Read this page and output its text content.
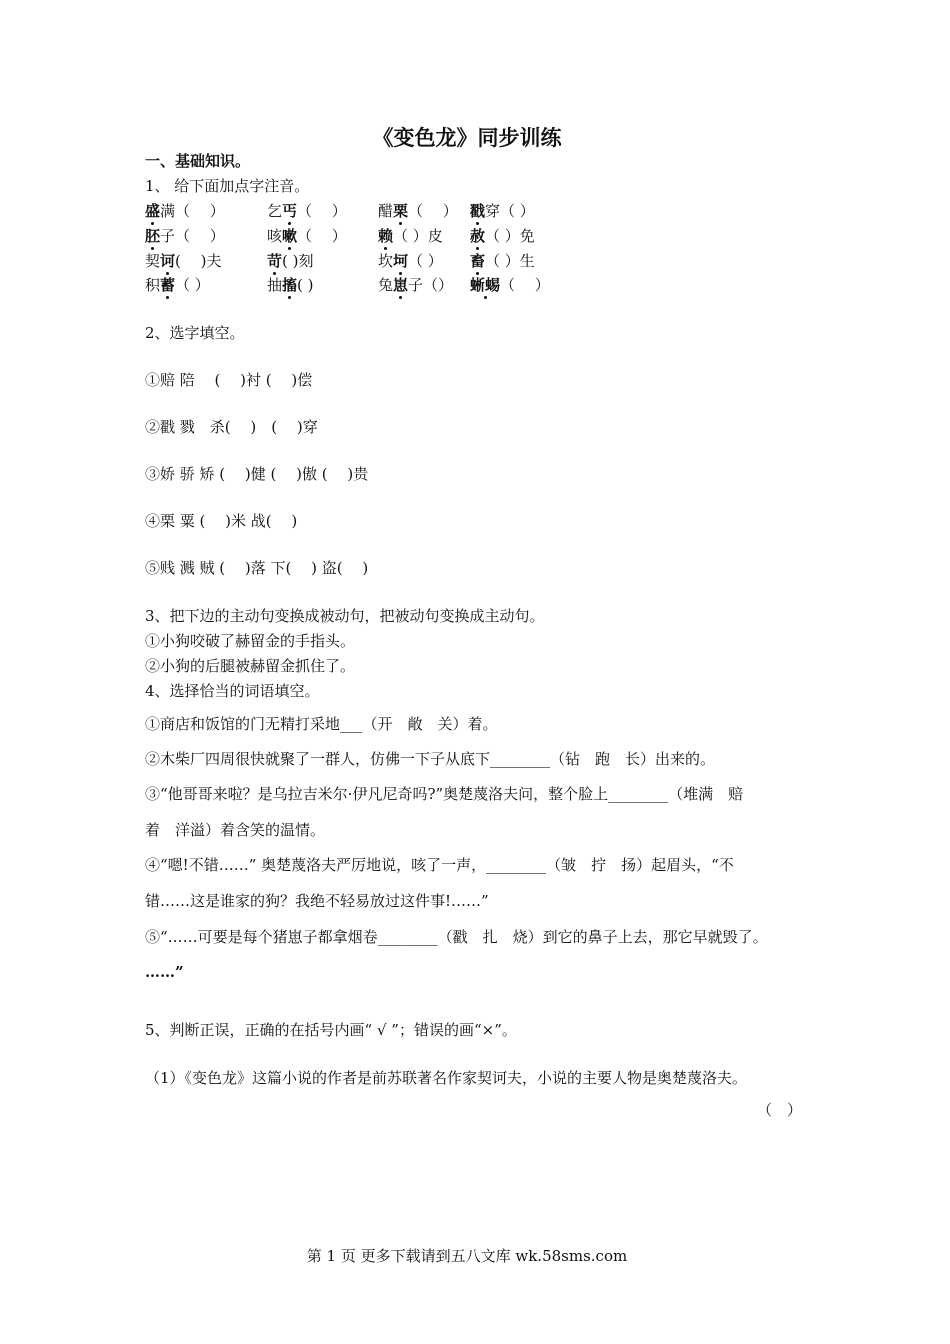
《变色龙》同步训练
一、基础知识。
1、 给下面加点字注音。
盛满（　 ）	乞丐（　 ） 醋栗（　 ） 戳穿（ ）
胚子（　 ）	咳嗽（　 ） 赖（ ）皮 赦（ ）免
契诃(　 )夫	苛( )刻	坎坷（ ） 畜（ ）生
积蓄（ ）	抽搐( )	兔崽子（） 蜥蜴（　 ）
2、选字填空。
①赔 陪　 (　 )衬 (　 )偿
②戳 戮　杀(　 )　(　 )穿
③娇 骄 矫 (　 )健 (　 )傲 (　 )贵
④栗 粟 (　 )米 战(　 )
⑤贱 溅 贼 (　 )落 下(　 ) 盗(　 )
3、把下边的主动句变换成被动句，把被动句变换成主动句。
①小狗咬破了赫留金的手指头。
②小狗的后腿被赫留金抓住了。
4、选择恰当的词语填空。
①商店和饭馆的门无精打采地___（开　敞　关）着。
②木柴厂四周很快就聚了一群人，仿佛一下子从底下________（钻　跑　长）出来的。
③“他哥哥来啦？是乌拉吉米尔·伊凡尼奇吗?”奥楚蔑洛夫问，整个脸上________（堆满　赔
着　洋溢）着含笑的温情。
④“嗯!不错……” 奥楚蔑洛夫严厉地说，咳了一声，________（皱　拧　扬）起眉头，“不
错……这是谁家的狗？我绝不轻易放过这件事!……”
⑤“……可要是每个猪崽子都拿烟卷________（戳　扎　烧）到它的鼻子上去，那它早就毁了。
……”
5、判断正误，正确的在括号内画“ √ ”；错误的画“×”。
（1）《变色龙》这篇小说的作者是前苏联著名作家契诃夫，小说的主要人物是奥楚蔑洛夫。
（　）
第 1 页 更多下载请到五八文库 wk.58sms.com
